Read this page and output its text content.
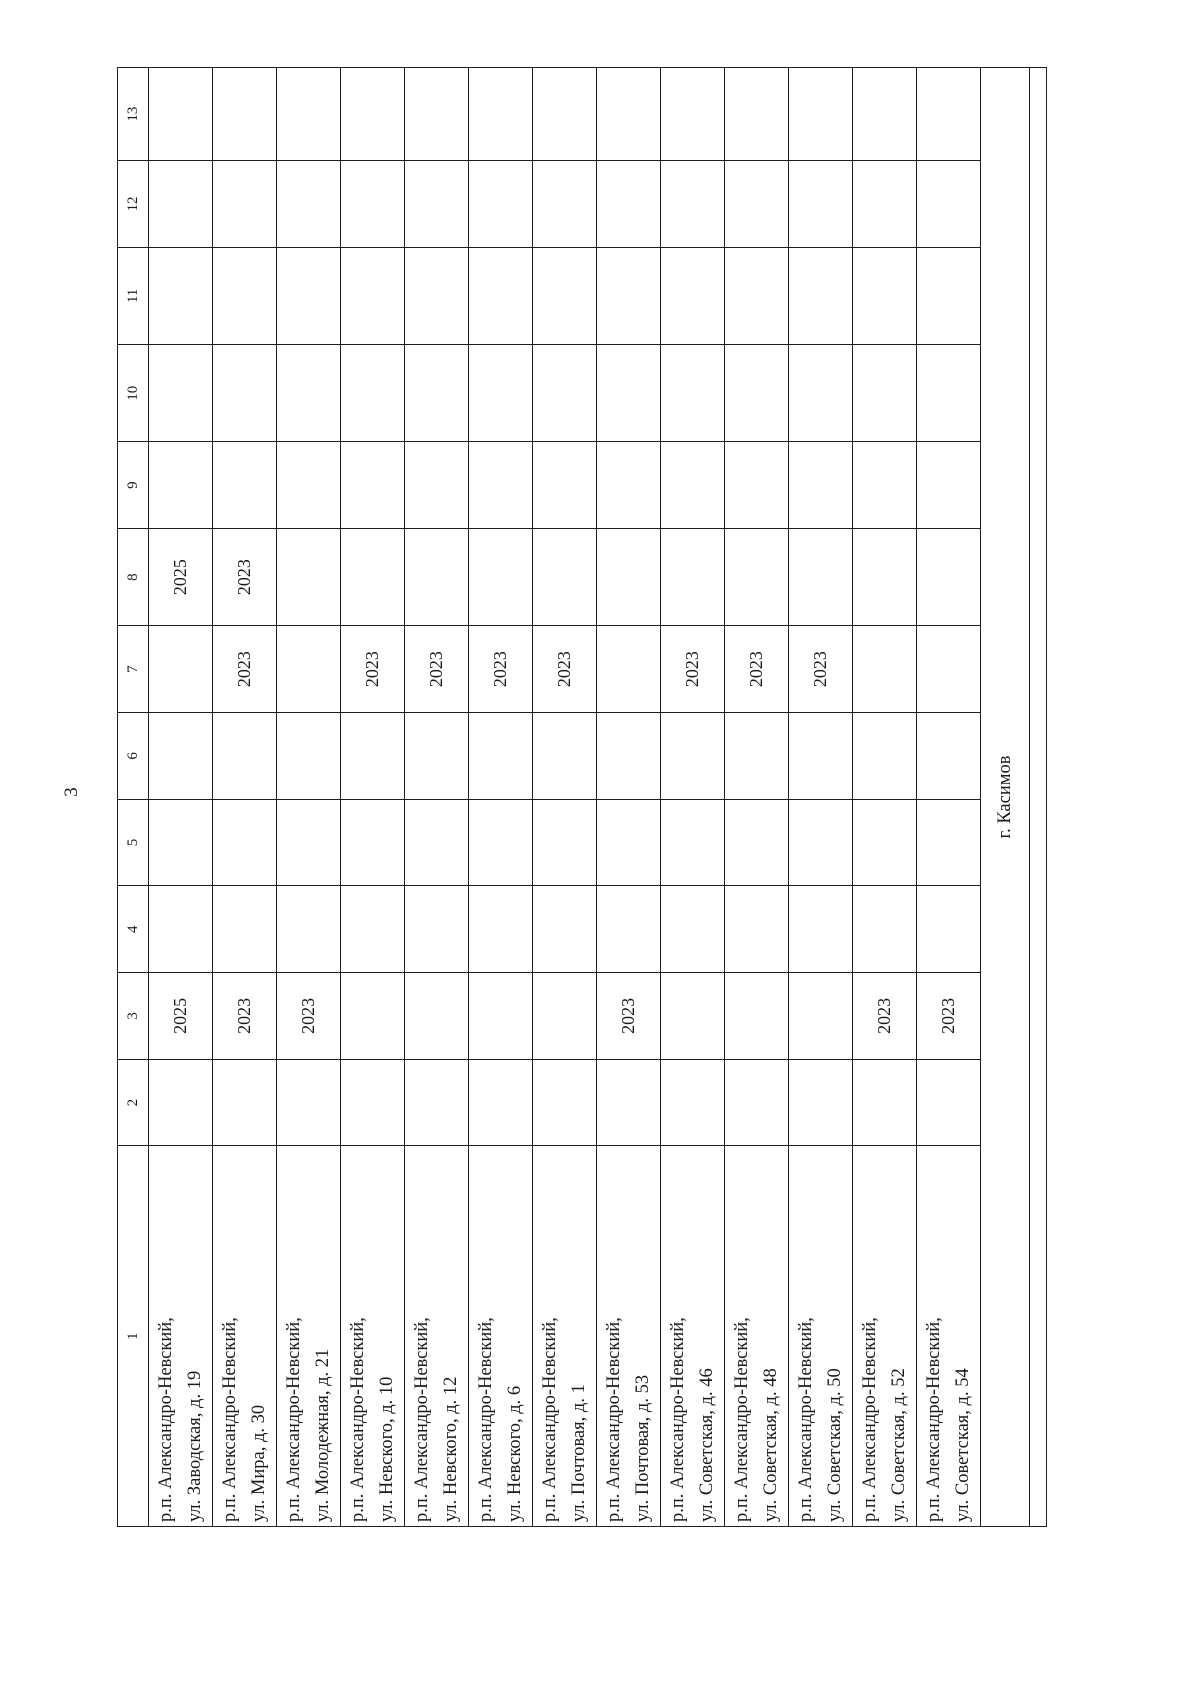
3
1	2	3	4	5	6	7	8	9	10	11	12	13

р.п. Александро-Невский, ул. Заводская, д. 19		2025					2025					

р.п. Александро-Невский, ул. Мира, д. 30		2023				2023	2023					

р.п. Александро-Невский, ул. Молодежная, д. 21		2023										

р.п. Александро-Невский, ул. Невского, д. 10						2023						

р.п. Александро-Невский, ул. Невского, д. 12						2023						

р.п. Александро-Невский, ул. Невского, д. 6						2023						

р.п. Александро-Невский, ул. Почтовая, д. 1						2023						

р.п. Александро-Невский, ул. Почтовая, д. 53		2023										

р.п. Александро-Невский, ул. Советская, д. 46						2023						

р.п. Александро-Невский, ул. Советская, д. 48						2023						

р.п. Александро-Невский, ул. Советская, д. 50						2023						

р.п. Александро-Невский, ул. Советская, д. 52		2023										

р.п. Александро-Невский, ул. Советская, д. 54		2023										
г. Касимов												
